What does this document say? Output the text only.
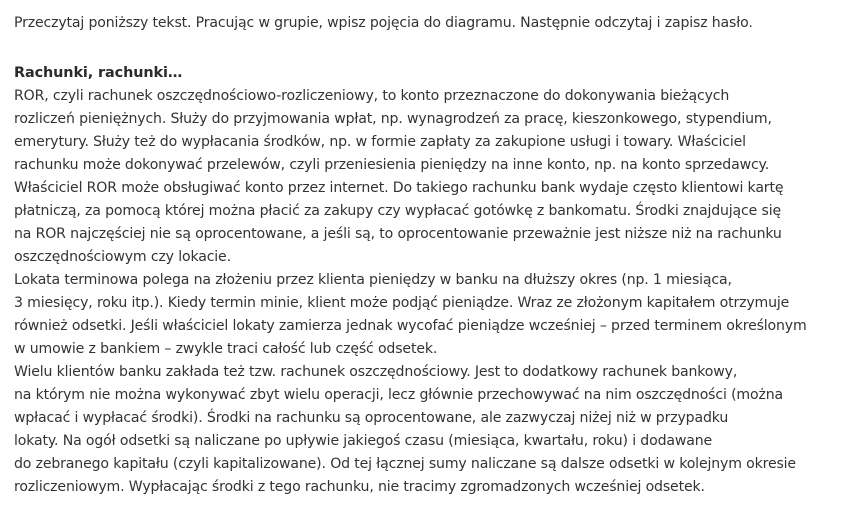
Przeczytaj poniższy tekst. Pracując w grupie, wpisz pojęcia do diagramu. Następnie odczytaj i zapisz hasło.
Rachunki, rachunki…
ROR, czyli rachunek oszczędnościowo-rozliczeniowy, to konto przeznaczone do dokonywania bieżących
rozliczeń pieniężnych. Służy do przyjmowania wpłat, np. wynagrodzeń za pracę, kieszonkowego, stypendium,
emerytury. Służy też do wypłacania środków, np. w formie zapłaty za zakupione usługi i towary. Właściciel
rachunku może dokonywać przelewów, czyli przeniesienia pieniędzy na inne konto, np. na konto sprzedawcy.
Właściciel ROR może obsługiwać konto przez internet. Do takiego rachunku bank wydaje często klientowi kartę
płatniczą, za pomocą której można płacić za zakupy czy wypłacać gotówkę z bankomatu. Środki znajdujące się
na ROR najczęściej nie są oprocentowane, a jeśli są, to oprocentowanie przeważnie jest niższe niż na rachunku
oszczędnościowym czy lokacie.
Lokata terminowa polega na złożeniu przez klienta pieniędzy w banku na dłuższy okres (np. 1 miesiąca,
3 miesięcy, roku itp.). Kiedy termin minie, klient może podjąć pieniądze. Wraz ze złożonym kapitałem otrzymuje
również odsetki. Jeśli właściciel lokaty zamierza jednak wycofać pieniądze wcześniej – przed terminem określonym
w umowie z bankiem – zwykle traci całość lub część odsetek.
Wielu klientów banku zakłada też tzw. rachunek oszczędnościowy. Jest to dodatkowy rachunek bankowy,
na którym nie można wykonywać zbyt wielu operacji, lecz głównie przechowywać na nim oszczędności (można
wpłacać i wypłacać środki). Środki na rachunku są oprocentowane, ale zazwyczaj niżej niż w przypadku
lokaty. Na ogół odsetki są naliczane po upływie jakiegoś czasu (miesiąca, kwartału, roku) i dodawane
do zebranego kapitału (czyli kapitalizowane). Od tej łącznej sumy naliczane są dalsze odsetki w kolejnym okresie
rozliczeniowym. Wypłacając środki z tego rachunku, nie tracimy zgromadzonych wcześniej odsetek.
